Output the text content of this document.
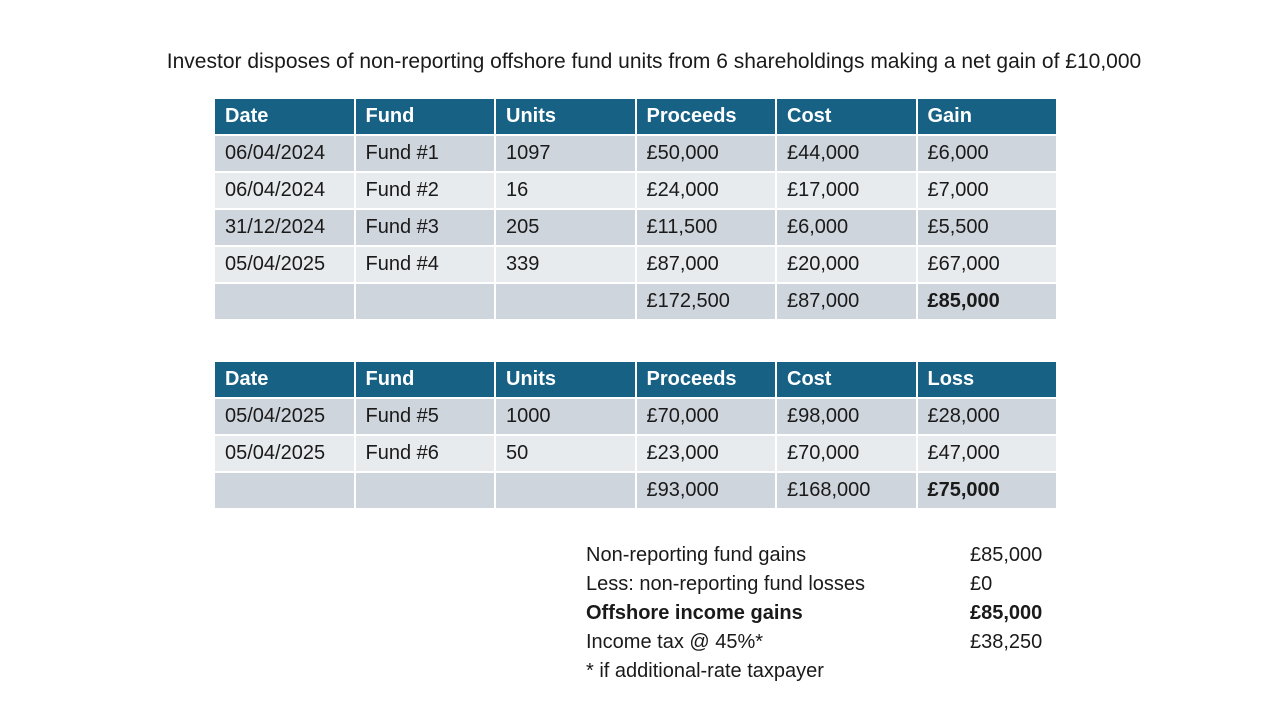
Investor disposes of non-reporting offshore fund units from 6 shareholdings making a net gain of £10,000
Date	Fund	Units	Proceeds	Cost	Gain
06/04/2024	Fund #1	1097	£50,000	£44,000	£6,000
06/04/2024	Fund #2	16	£24,000	£17,000	£7,000
31/12/2024	Fund #3	205	£11,500	£6,000	£5,500
05/04/2025	Fund #4	339	£87,000	£20,000	£67,000
			£172,500	£87,000	£85,000
Date	Fund	Units	Proceeds	Cost	Loss
05/04/2025	Fund #5	1000	£70,000	£98,000	£28,000
05/04/2025	Fund #6	50	£23,000	£70,000	£47,000
			£93,000	£168,000	£75,000
Non-reporting fund gains	£85,000
Less: non-reporting fund losses	£0
Offshore income gains	£85,000
Income tax @ 45%*	£38,250
* if additional-rate taxpayer
